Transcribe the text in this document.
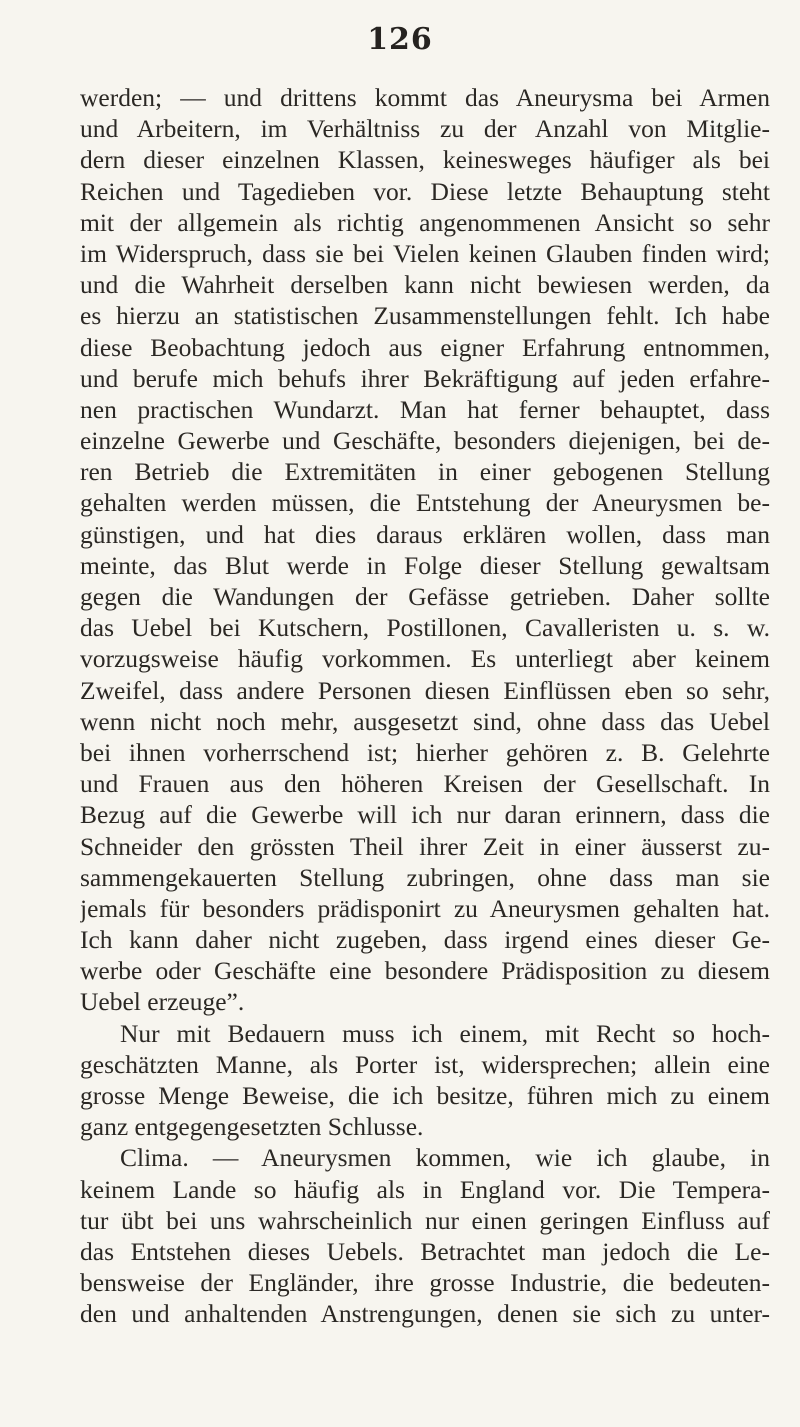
126
werden; — und drittens kommt das Aneurysma bei Armen
und Arbeitern, im Verhältniss zu der Anzahl von Mitglie-
dern dieser einzelnen Klassen, keinesweges häufiger als bei
Reichen und Tagedieben vor. Diese letzte Behauptung steht
mit der allgemein als richtig angenommenen Ansicht so sehr
im Widerspruch, dass sie bei Vielen keinen Glauben finden wird;
und die Wahrheit derselben kann nicht bewiesen werden, da
es hierzu an statistischen Zusammenstellungen fehlt. Ich habe
diese Beobachtung jedoch aus eigner Erfahrung entnommen,
und berufe mich behufs ihrer Bekräftigung auf jeden erfahre-
nen practischen Wundarzt. Man hat ferner behauptet, dass
einzelne Gewerbe und Geschäfte, besonders diejenigen, bei de-
ren Betrieb die Extremitäten in einer gebogenen Stellung
gehalten werden müssen, die Entstehung der Aneurysmen be-
günstigen, und hat dies daraus erklären wollen, dass man
meinte, das Blut werde in Folge dieser Stellung gewaltsam
gegen die Wandungen der Gefässe getrieben. Daher sollte
das Uebel bei Kutschern, Postillonen, Cavalleristen u. s. w.
vorzugsweise häufig vorkommen. Es unterliegt aber keinem
Zweifel, dass andere Personen diesen Einflüssen eben so sehr,
wenn nicht noch mehr, ausgesetzt sind, ohne dass das Uebel
bei ihnen vorherrschend ist; hierher gehören z. B. Gelehrte
und Frauen aus den höheren Kreisen der Gesellschaft. In
Bezug auf die Gewerbe will ich nur daran erinnern, dass die
Schneider den grössten Theil ihrer Zeit in einer äusserst zu-
sammengekauerten Stellung zubringen, ohne dass man sie
jemals für besonders prädisponirt zu Aneurysmen gehalten hat.
Ich kann daher nicht zugeben, dass irgend eines dieser Ge-
werbe oder Geschäfte eine besondere Prädisposition zu diesem
Uebel erzeuge”.
Nur mit Bedauern muss ich einem, mit Recht so hoch-
geschätzten Manne, als Porter ist, widersprechen; allein eine
grosse Menge Beweise, die ich besitze, führen mich zu einem
ganz entgegengesetzten Schlusse.
Clima. — Aneurysmen kommen, wie ich glaube, in
keinem Lande so häufig als in England vor. Die Tempera-
tur übt bei uns wahrscheinlich nur einen geringen Einfluss auf
das Entstehen dieses Uebels. Betrachtet man jedoch die Le-
bensweise der Engländer, ihre grosse Industrie, die bedeuten-
den und anhaltenden Anstrengungen, denen sie sich zu unter-
